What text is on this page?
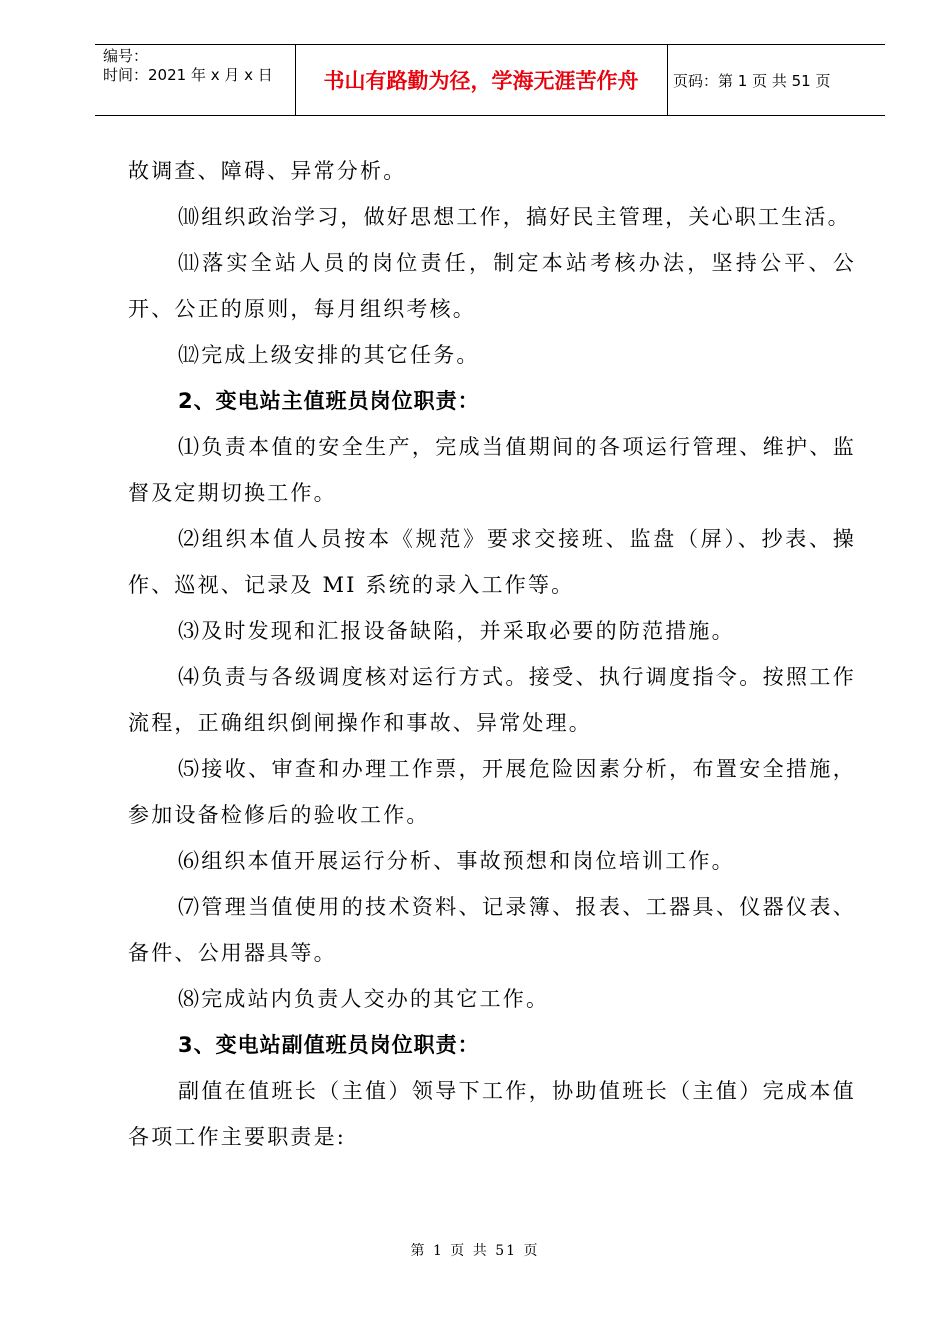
编号：
时间：2021 年 x 月 x 日	书山有路勤为径，学海无涯苦作舟	页码：第 1 页 共 51 页

故调查、障碍、异常分析。

⑽组织政治学习，做好思想工作，搞好民主管理，关心职工生活。

⑾落实全站人员的岗位责任，制定本站考核办法，坚持公平、公开、公正的原则，每月组织考核。

⑿完成上级安排的其它任务。

2、变电站主值班员岗位职责：

⑴负责本值的安全生产，完成当值期间的各项运行管理、维护、监督及定期切换工作。

⑵组织本值人员按本《规范》要求交接班、监盘（屏）、抄表、操作、巡视、记录及 MI 系统的录入工作等。

⑶及时发现和汇报设备缺陷，并采取必要的防范措施。

⑷负责与各级调度核对运行方式。接受、执行调度指令。按照工作流程，正确组织倒闸操作和事故、异常处理。

⑸接收、审查和办理工作票，开展危险因素分析，布置安全措施，参加设备检修后的验收工作。

⑹组织本值开展运行分析、事故预想和岗位培训工作。

⑺管理当值使用的技术资料、记录簿、报表、工器具、仪器仪表、备件、公用器具等。

⑻完成站内负责人交办的其它工作。

3、变电站副值班员岗位职责：

副值在值班长（主值）领导下工作，协助值班长（主值）完成本值各项工作主要职责是:

第 1 页 共 51 页
